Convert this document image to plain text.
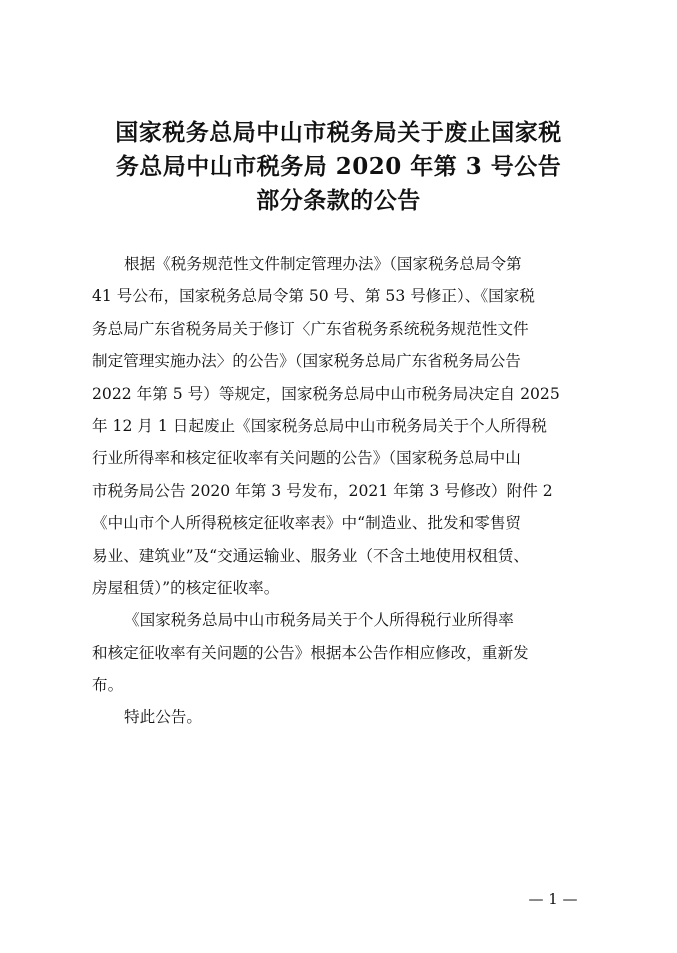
国家税务总局中山市税务局关于废止国家税
务总局中山市税务局 2020 年第 3 号公告
部分条款的公告
根据《税务规范性文件制定管理办法》（国家税务总局令第
41 号公布，国家税务总局令第 50 号、第 53 号修正）、《国家税
务总局广东省税务局关于修订〈广东省税务系统税务规范性文件
制定管理实施办法〉的公告》（国家税务总局广东省税务局公告
2022 年第 5 号）等规定，国家税务总局中山市税务局决定自 2025
年 12 月 1 日起废止《国家税务总局中山市税务局关于个人所得税
行业所得率和核定征收率有关问题的公告》（国家税务总局中山
市税务局公告 2020 年第 3 号发布，2021 年第 3 号修改）附件 2
《中山市个人所得税核定征收率表》中“制造业、批发和零售贸
易业、建筑业”及“交通运输业、服务业（不含土地使用权租赁、
房屋租赁）”的核定征收率。
《国家税务总局中山市税务局关于个人所得税行业所得率
和核定征收率有关问题的公告》根据本公告作相应修改，重新发
布。
特此公告。
— 1 —
